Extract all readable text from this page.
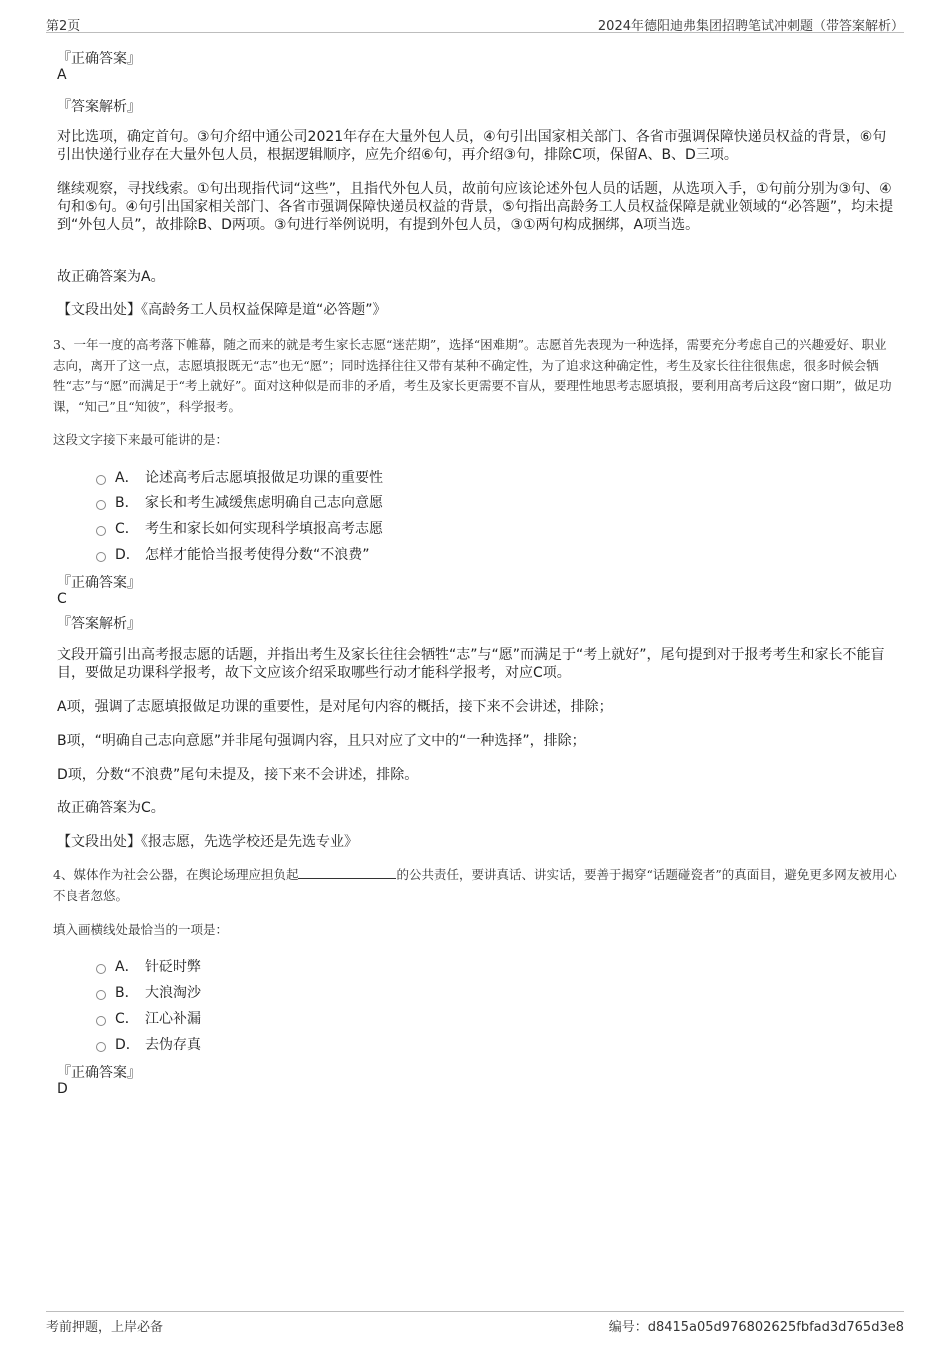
第2页	2024年德阳迪弗集团招聘笔试冲刺题（带答案解析）
『正确答案』
A
『答案解析』

对比选项，确定首句。③句介绍中通公司2021年存在大量外包人员，④句引出国家相关部门、各省市强调保障快递员权益的背景，⑥句引出快递行业存在大量外包人员，根据逻辑顺序，应先介绍⑥句，再介绍③句，排除C项，保留A、B、D三项。

继续观察，寻找线索。①句出现指代词“这些”，且指代外包人员，故前句应该论述外包人员的话题，从选项入手，①句前分别为③句、④句和⑤句。④句引出国家相关部门、各省市强调保障快递员权益的背景，⑤句指出高龄务工人员权益保障是就业领域的“必答题”，均未提到“外包人员”，故排除B、D两项。③句进行举例说明，有提到外包人员，③①两句构成捆绑，A项当选。

故正确答案为A。

【文段出处】《高龄务工人员权益保障是道“必答题”》

3、一年一度的高考落下帷幕，随之而来的就是考生家长志愿“迷茫期”，选择“困难期”。志愿首先表现为一种选择，需要充分考虑自己的兴趣爱好、职业志向，离开了这一点，志愿填报既无“志”也无“愿”；同时选择往往又带有某种不确定性，为了追求这种确定性，考生及家长往往很焦虑，很多时候会牺牲“志”与“愿”而满足于“考上就好”。面对这种似是而非的矛盾，考生及家长更需要不盲从，要理性地思考志愿填报，要利用高考后这段“窗口期”，做足功课，“知己”且“知彼”，科学报考。

这段文字接下来最可能讲的是：
A． 论述高考后志愿填报做足功课的重要性
B． 家长和考生减缓焦虑明确自己志向意愿
C． 考生和家长如何实现科学填报高考志愿
D． 怎样才能恰当报考使得分数“不浪费”
『正确答案』
C
『答案解析』

文段开篇引出高考报志愿的话题，并指出考生及家长往往会牺牲“志”与“愿”而满足于“考上就好”，尾句提到对于报考考生和家长不能盲目，要做足功课科学报考，故下文应该介绍采取哪些行动才能科学报考，对应C项。

A项，强调了志愿填报做足功课的重要性，是对尾句内容的概括，接下来不会讲述，排除；

B项，“明确自己志向意愿”并非尾句强调内容，且只对应了文中的“一种选择”，排除；

D项，分数“不浪费”尾句未提及，接下来不会讲述，排除。

故正确答案为C。

【文段出处】《报志愿，先选学校还是先选专业》

4、媒体作为社会公器，在舆论场理应担负起	的公共责任，要讲真话、讲实话，要善于揭穿“话题碰瓷者”的真面目，避免更多网友被用心不良者忽悠。

填入画横线处最恰当的一项是：
A． 针砭时弊
B． 大浪淘沙
C． 江心补漏
D． 去伪存真
『正确答案』
D
考前押题，上岸必备	编号：d8415a05d976802625fbfad3d765d3e8
